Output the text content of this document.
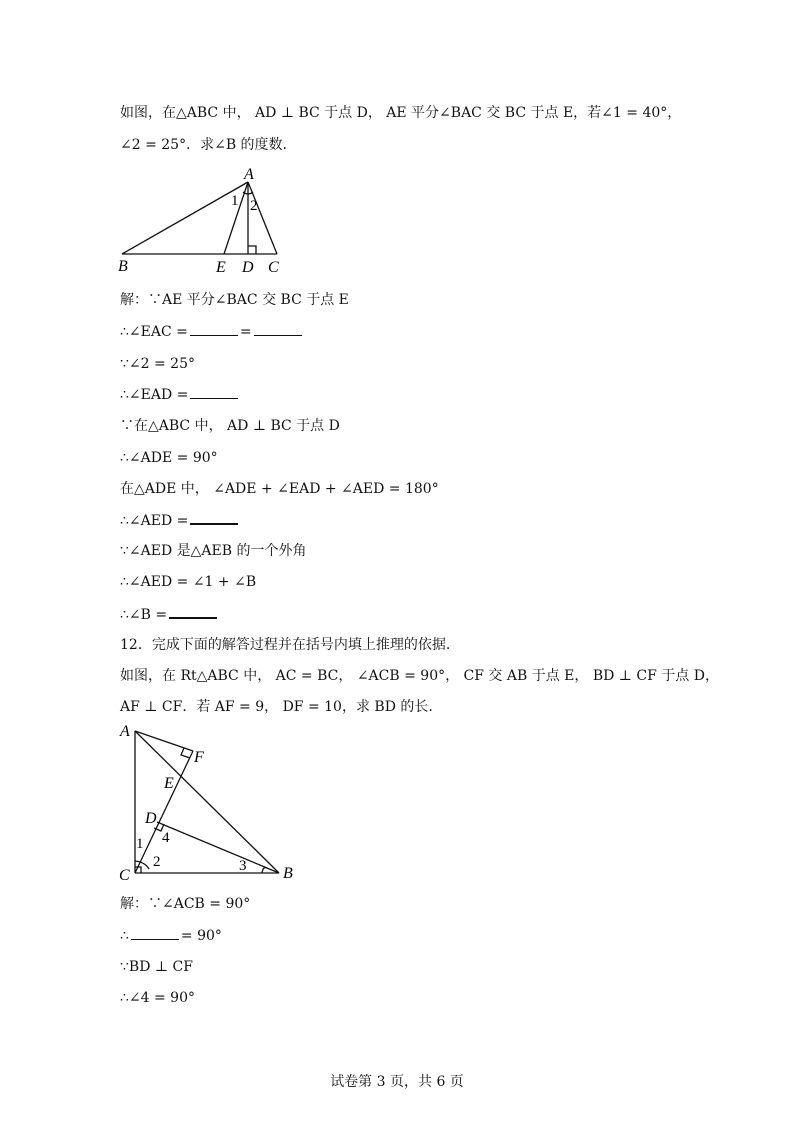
如图，在△ABC 中， AD ⊥ BC 于点 D， AE 平分∠BAC 交 BC 于点 E，若∠1 = 40°，
∠2 = 25°．求∠B 的度数.
A
B	E D C
1 2
解：∵AE 平分∠BAC 交 BC 于点 E
∴∠EAC =	=
∵∠2 = 25°
∴∠EAD =
∵在△ABC 中， AD ⊥ BC 于点 D
∴∠ADE = 90°
在△ADE 中， ∠ADE + ∠EAD + ∠AED = 180°
∴∠AED =
∵∠AED 是△AEB 的一个外角
∴∠AED = ∠1 + ∠B
∴∠B =
12．完成下面的解答过程并在括号内填上推理的依据.
如图，在 Rt△ABC 中， AC = BC， ∠ACB = 90°， CF 交 AB 于点 E， BD ⊥ CF 于点 D，
AF ⊥ CF．若 AF = 9， DF = 10，求 BD 的长.
A
F
E
D
C	B
1
2	3
4
解：∵∠ACB = 90°
∴	= 90°
∵BD ⊥ CF
∴∠4 = 90°
试卷第 3 页，共 6 页
